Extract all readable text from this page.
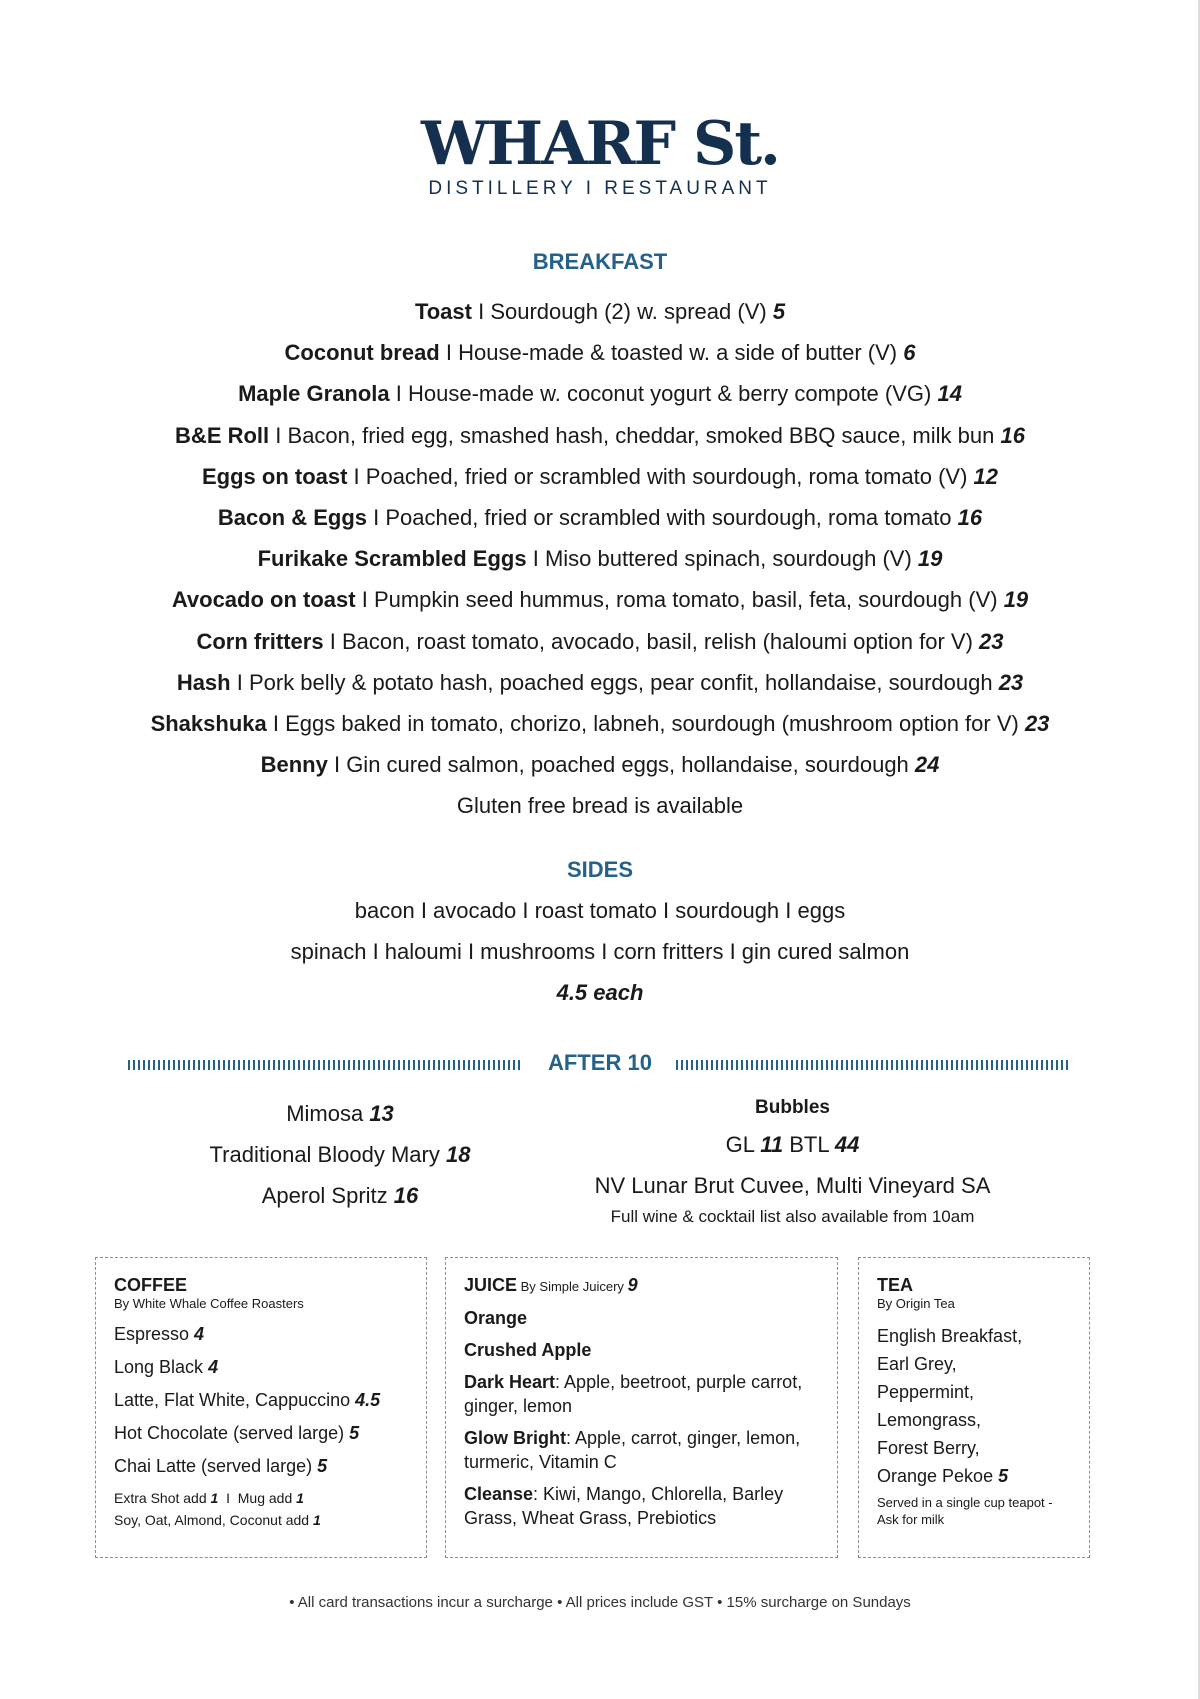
WHARF St.
DISTILLERY I RESTAURANT
BREAKFAST
Toast I Sourdough (2) w. spread (V) 5
Coconut bread I House-made & toasted w. a side of butter (V) 6
Maple Granola I House-made w. coconut yogurt & berry compote (VG) 14
B&E Roll I Bacon, fried egg, smashed hash, cheddar, smoked BBQ sauce, milk bun 16
Eggs on toast I Poached, fried or scrambled with sourdough, roma tomato (V) 12
Bacon & Eggs I Poached, fried or scrambled with sourdough, roma tomato 16
Furikake Scrambled Eggs I Miso buttered spinach, sourdough (V) 19
Avocado on toast I Pumpkin seed hummus, roma tomato, basil, feta, sourdough (V) 19
Corn fritters I Bacon, roast tomato, avocado, basil, relish (haloumi option for V) 23
Hash I Pork belly & potato hash, poached eggs, pear confit, hollandaise, sourdough 23
Shakshuka I Eggs baked in tomato, chorizo, labneh, sourdough (mushroom option for V) 23
Benny I Gin cured salmon, poached eggs, hollandaise, sourdough 24
Gluten free bread is available
SIDES
bacon I avocado I roast tomato I sourdough I eggs
spinach I haloumi I mushrooms I corn fritters I gin cured salmon
4.5 each
AFTER 10
Mimosa 13
Traditional Bloody Mary 18
Aperol Spritz 16
Bubbles
GL 11 BTL 44
NV Lunar Brut Cuvee, Multi Vineyard SA
Full wine & cocktail list also available from 10am
COFFEE
By White Whale Coffee Roasters
Espresso 4
Long Black 4
Latte, Flat White, Cappuccino 4.5
Hot Chocolate (served large) 5
Chai Latte (served large) 5
Extra Shot add 1  I  Mug add 1
Soy, Oat, Almond, Coconut add 1
JUICE By Simple Juicery 9
Orange
Crushed Apple
Dark Heart: Apple, beetroot, purple carrot, ginger, lemon
Glow Bright: Apple, carrot, ginger, lemon, turmeric, Vitamin C
Cleanse: Kiwi, Mango, Chlorella, Barley Grass, Wheat Grass, Prebiotics
TEA
By Origin Tea
English Breakfast,
Earl Grey,
Peppermint,
Lemongrass,
Forest Berry,
Orange Pekoe 5
Served in a single cup teapot - Ask for milk
• All card transactions incur a surcharge • All prices include GST • 15% surcharge on Sundays
